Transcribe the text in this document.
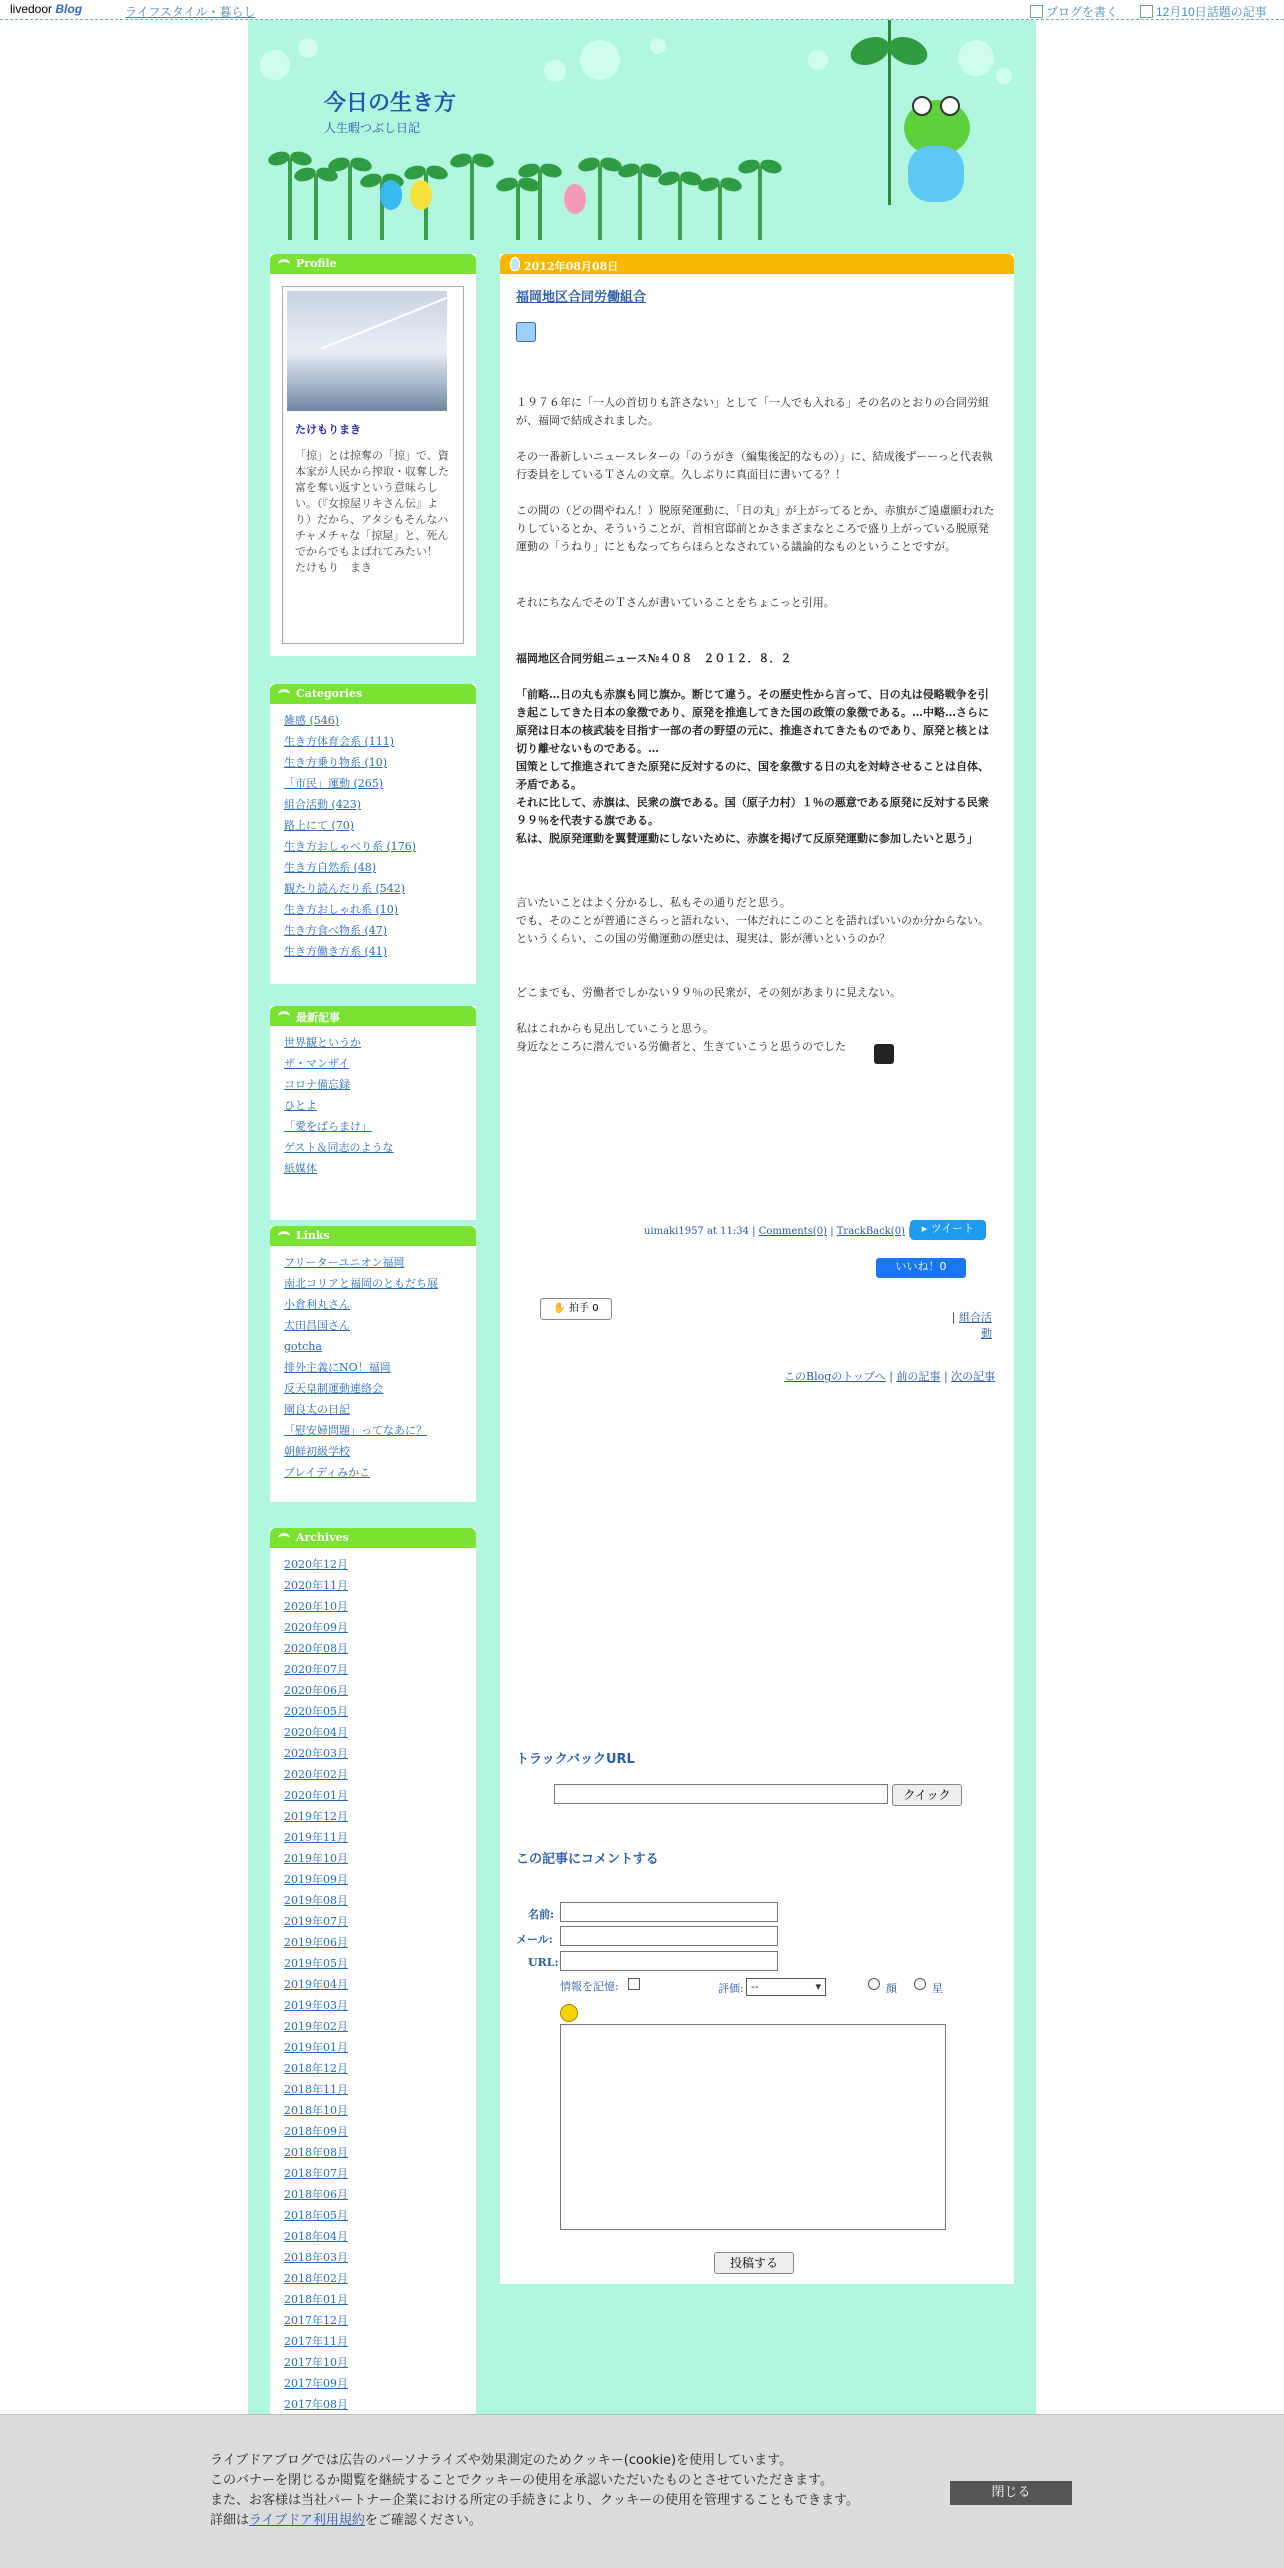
livedoor Blog	ライフスタイル・暮らし	ブログを書く	12月10日話題の記事
今日の生き方
人生暇つぶし日記
Profile
たけもりまき
「掠」とは掠奪の「掠」で、資本家が人民から搾取・収奪した富を奪い返すという意味らしい。（『女掠屋リキさん伝』より）だから、アタシもそんなハチャメチャな「掠屋」と、死んでからでもよばれてみたい！
たけもり　まき
Categories
雑感 (546)
生き方体育会系 (111)
生き方乗り物系 (10)
「市民」運動 (265)
組合活動 (423)
路上にて (70)
生き方おしゃべり系 (176)
生き方自然系 (48)
観たり読んだり系 (542)
生き方おしゃれ系 (10)
生き方食べ物系 (47)
生き方働き方系 (41)
最新記事
世界観というか
ザ・マンザイ
コロナ備忘録
ひとよ
「愛をばらまけ」
ゲスト＆同志のような
紙媒体
Links
フリーターユニオン福岡
南北コリアと福岡のともだち展
小倉利丸さん
太田昌国さん
gotcha
排外主義にNO！福岡
反天皇制運動連絡会
園良太の日記
「慰安婦問題」ってなあに？
朝鮮初級学校
ブレイディみかこ
Archives
2020年12月
2020年11月
2020年10月
2020年09月
2020年08月
2020年07月
2020年06月
2020年05月
2020年04月
2020年03月
2020年02月
2020年01月
2019年12月
2019年11月
2019年10月
2019年09月
2019年08月
2019年07月
2019年06月
2019年05月
2019年04月
2019年03月
2019年02月
2019年01月
2018年12月
2018年11月
2018年10月
2018年09月
2018年08月
2018年07月
2018年06月
2018年05月
2018年04月
2018年03月
2018年02月
2018年01月
2017年12月
2017年11月
2017年10月
2017年09月
2017年08月
2012年08月08日
福岡地区合同労働組合
１９７６年に「一人の首切りも許さない」として「一人でも入れる」その名のとおりの合同労組が、福岡で結成されました。
その一番新しいニュースレターの「のうがき（編集後記的なもの）」に、結成後ずーーっと代表執行委員をしているＴさんの文章。久しぶりに真面目に書いてる？！
この間の（どの間やねん！）脱原発運動に、「日の丸」が上がってるとか、赤旗がご遠慮願われたりしているとか、そういうことが、首相官邸前とかさまざまなところで盛り上がっている脱原発運動の「うねり」にともなってちらほらとなされている議論的なものということですが。
それにちなんでそのＴさんが書いていることをちょこっと引用。
福岡地区合同労組ニュース№４０８　２０１２．８．２
「前略…日の丸も赤旗も同じ旗か。断じて違う。その歴史性から言って、日の丸は侵略戦争を引き起こしてきた日本の象徴であり、原発を推進してきた国の政策の象徴である。…中略…さらに原発は日本の核武装を目指す一部の者の野望の元に、推進されてきたものであり、原発と核とは切り離せないものである。…
国策として推進されてきた原発に反対するのに、国を象徴する日の丸を対峙させることは自体、矛盾である。
それに比して、赤旗は、民衆の旗である。国（原子力村）１％の悪意である原発に反対する民衆９９％を代表する旗である。
私は、脱原発運動を翼賛運動にしないために、赤旗を掲げて反原発運動に参加したいと思う」
言いたいことはよく分かるし、私もその通りだと思う。
でも、そのことが普通にさらっと語れない、一体だれにこのことを語ればいいのか分からない。
というくらい、この国の労働運動の歴史は、現実は、影が薄いというのか？
どこまでも、労働者でしかない９９％の民衆が、その刻があまりに見えない。
私はこれからも見出していこうと思う。
身近なところに潜んでいる労働者と、生きていこうと思うのでした
uimaki1957 at 11:34 | Comments(0) | TrackBack(0)	▸ ツイート
いいね！0
✋ 拍手 0
| 組合活
動
このBlogのトップへ | 前の記事 | 次の記事
トラックバックURL
クイック
この記事にコメントする
名前:
メール:
URL:
情報を記憶:	評価: --	▾	顔	星
投稿する
ライブドアブログでは広告のパーソナライズや効果測定のためクッキー(cookie)を使用しています。
このバナーを閉じるか閲覧を継続することでクッキーの使用を承認いただいたものとさせていただきます。
また、お客様は当社パートナー企業における所定の手続きにより、クッキーの使用を管理することもできます。
詳細はライブドア利用規約をご確認ください。
閉じる
